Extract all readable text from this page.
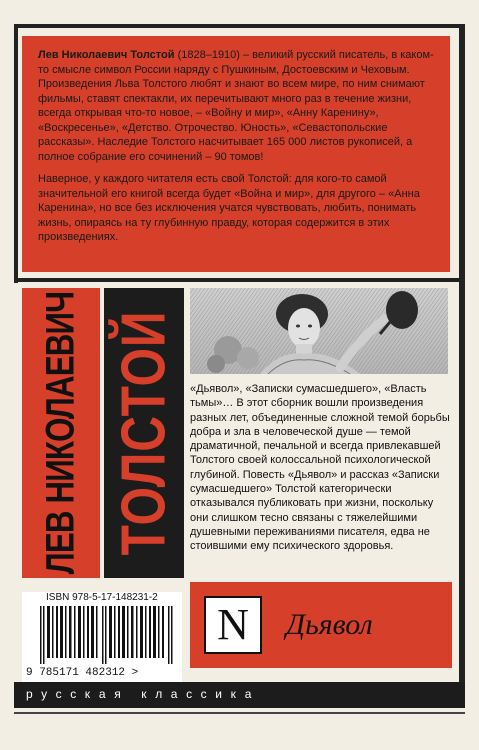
Лев Николаевич Толстой (1828–1910) – великий русский писатель, в каком-то смысле символ России наряду с Пушкиным, Достоевским и Чеховым. Произведения Льва Толстого любят и знают во всем мире, по ним снимают фильмы, ставят спектакли, их перечитывают много раз в течение жизни, всегда открывая что-то новое, – «Войну и мир», «Анну Каренину», «Воскресенье», «Детство. Отрочество. Юность», «Севастопольские рассказы». Наследие Толстого насчитывает 165 000 листов рукописей, а полное собрание его сочинений – 90 томов!

Наверное, у каждого читателя есть свой Толстой: для кого-то самой значительной его книгой всегда будет «Война и мир», для другого – «Анна Каренина», но все без исключения учатся чувствовать, любить, понимать жизнь, опираясь на ту глубинную правду, которая содержится в этих произведениях.

ЛЕВ НИКОЛАЕВИЧ ТОЛСТОЙ «Дьявол», «Записки сумасшедшего», «Власть тьмы»… В этот сборник вошли произведения разных лет, объединенные сложной темой борьбы добра и зла в человеческой душе — темой драматичной, печальной и всегда привлекавшей Толстого своей колоссальной психологической глубиной. Повесть «Дьявол» и рассказ «Записки сумасшедшего» Толстой категорически отказывался публиковать при жизни, поскольку они слишком тесно связаны с тяжелейшими душевными переживаниями писателя, едва не стоившими ему психического здоровья.
ISBN 978-5-17-148231-2
9 785171 482312 >
N	Дьявол
русская классика
